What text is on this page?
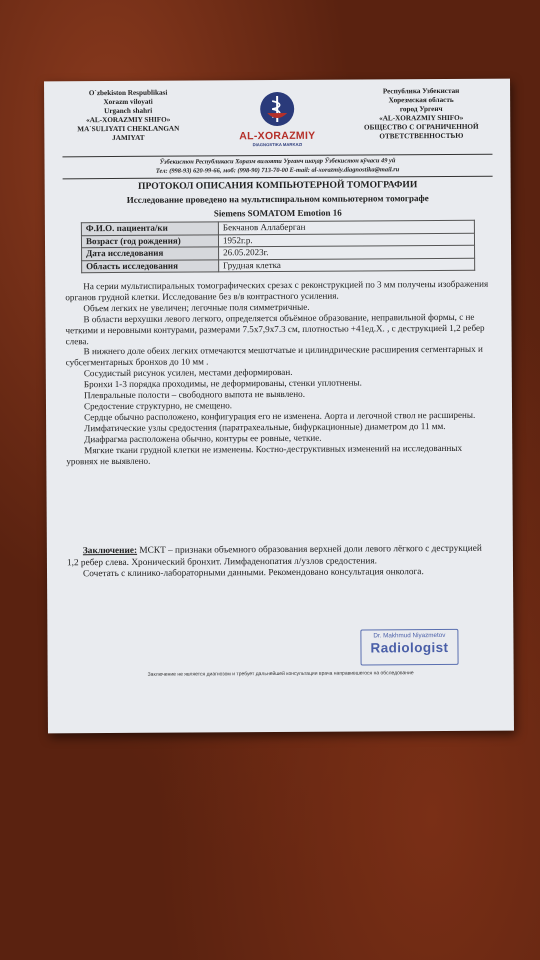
O`zbekiston Respublikasi
Xorazm viloyati
Urganch shahri
«AL-XORAZMIY SHIFO»
MA`SULIYATI CHEKLANGAN
JAMIYAT	AL-XORAZMIY
DIAGNOSTIKA MARKAZI
Республика Узбекистан
Хорезмская область
город Ургенч
«AL-XORAZMIY SHIFO»
ОБЩЕСТВО С ОГРАНИЧЕННОЙ
ОТВЕТСТВЕННОСТЬЮ
Ўзбекистон Республикаси Хоразм вилояти Урганч шаҳар Ўзбекистон кўчаси 49 уй
Тел: (998-93) 620-99-66, моб: (998-90) 713-70-00 E-mail: al-xorazmiy.diagnostika@mail.ru
ПРОТОКОЛ ОПИСАНИЯ КОМПЬЮТЕРНОЙ ТОМОГРАФИИ
Исследование проведено на мультиспиральном компьютерном томографе
Siemens SOMATOM Emotion 16
Ф.И.О. пациента/ки	Бекчанов Аллаберган
Возраст (год рождения)	1952г.р.
Дата исследования	26.05.2023г.
Область исследования	Грудная клетка

На серии мультиспиральных томографических срезах с реконструкцией по 3 мм получены изображения органов грудной клетки. Исследование без в/в контрастного усиления.

Объем легких не увеличен; легочные поля симметричные.

В области верхушки левого легкого, определяется объёмное образование, неправильной формы, с не четкими и неровными контурами, размерами 7.5х7,9х7.3 см, плотностью +41ед.Х. , с деструкцией 1,2 ребер слева.

В нижнего доле обеих легких отмечаются мешотчатые и цилиндрические расширения сегментарных и субсегментарных бронхов до 10 мм .

Сосудистый рисунок усилен, местами деформирован.

Бронхи 1-3 порядка проходимы, не деформированы, стенки уплотнены.

Плевральные полости – свободного выпота не выявлено.

Средостение структурно, не смещено.

Сердце обычно расположено, конфигурация его не изменена. Аорта и легочной ствол не расширены.

Лимфатические узлы средостения (паратрахеальные, бифуркационные) диаметром до 11 мм.

Диафрагма расположена обычно, контуры ее ровные, четкие.

Мягкие ткани грудной клетки не изменены. Костно-деструктивных изменений на исследованных уровнях не выявлено.

Заключение: МСКТ – признаки объемного образования верхней доли левого лёгкого с деструкцией 1,2 ребер слева. Хронический бронхит. Лимфаденопатия л/узлов средостения.

Сочетать с клинико-лабораторными данными. Рекомендовано консультация онколога.

Dr. Makhmud Niyazmetov
Radiologist
Заключение не является диагнозом и требует дальнейшей консультации врача направившегося на обследование
